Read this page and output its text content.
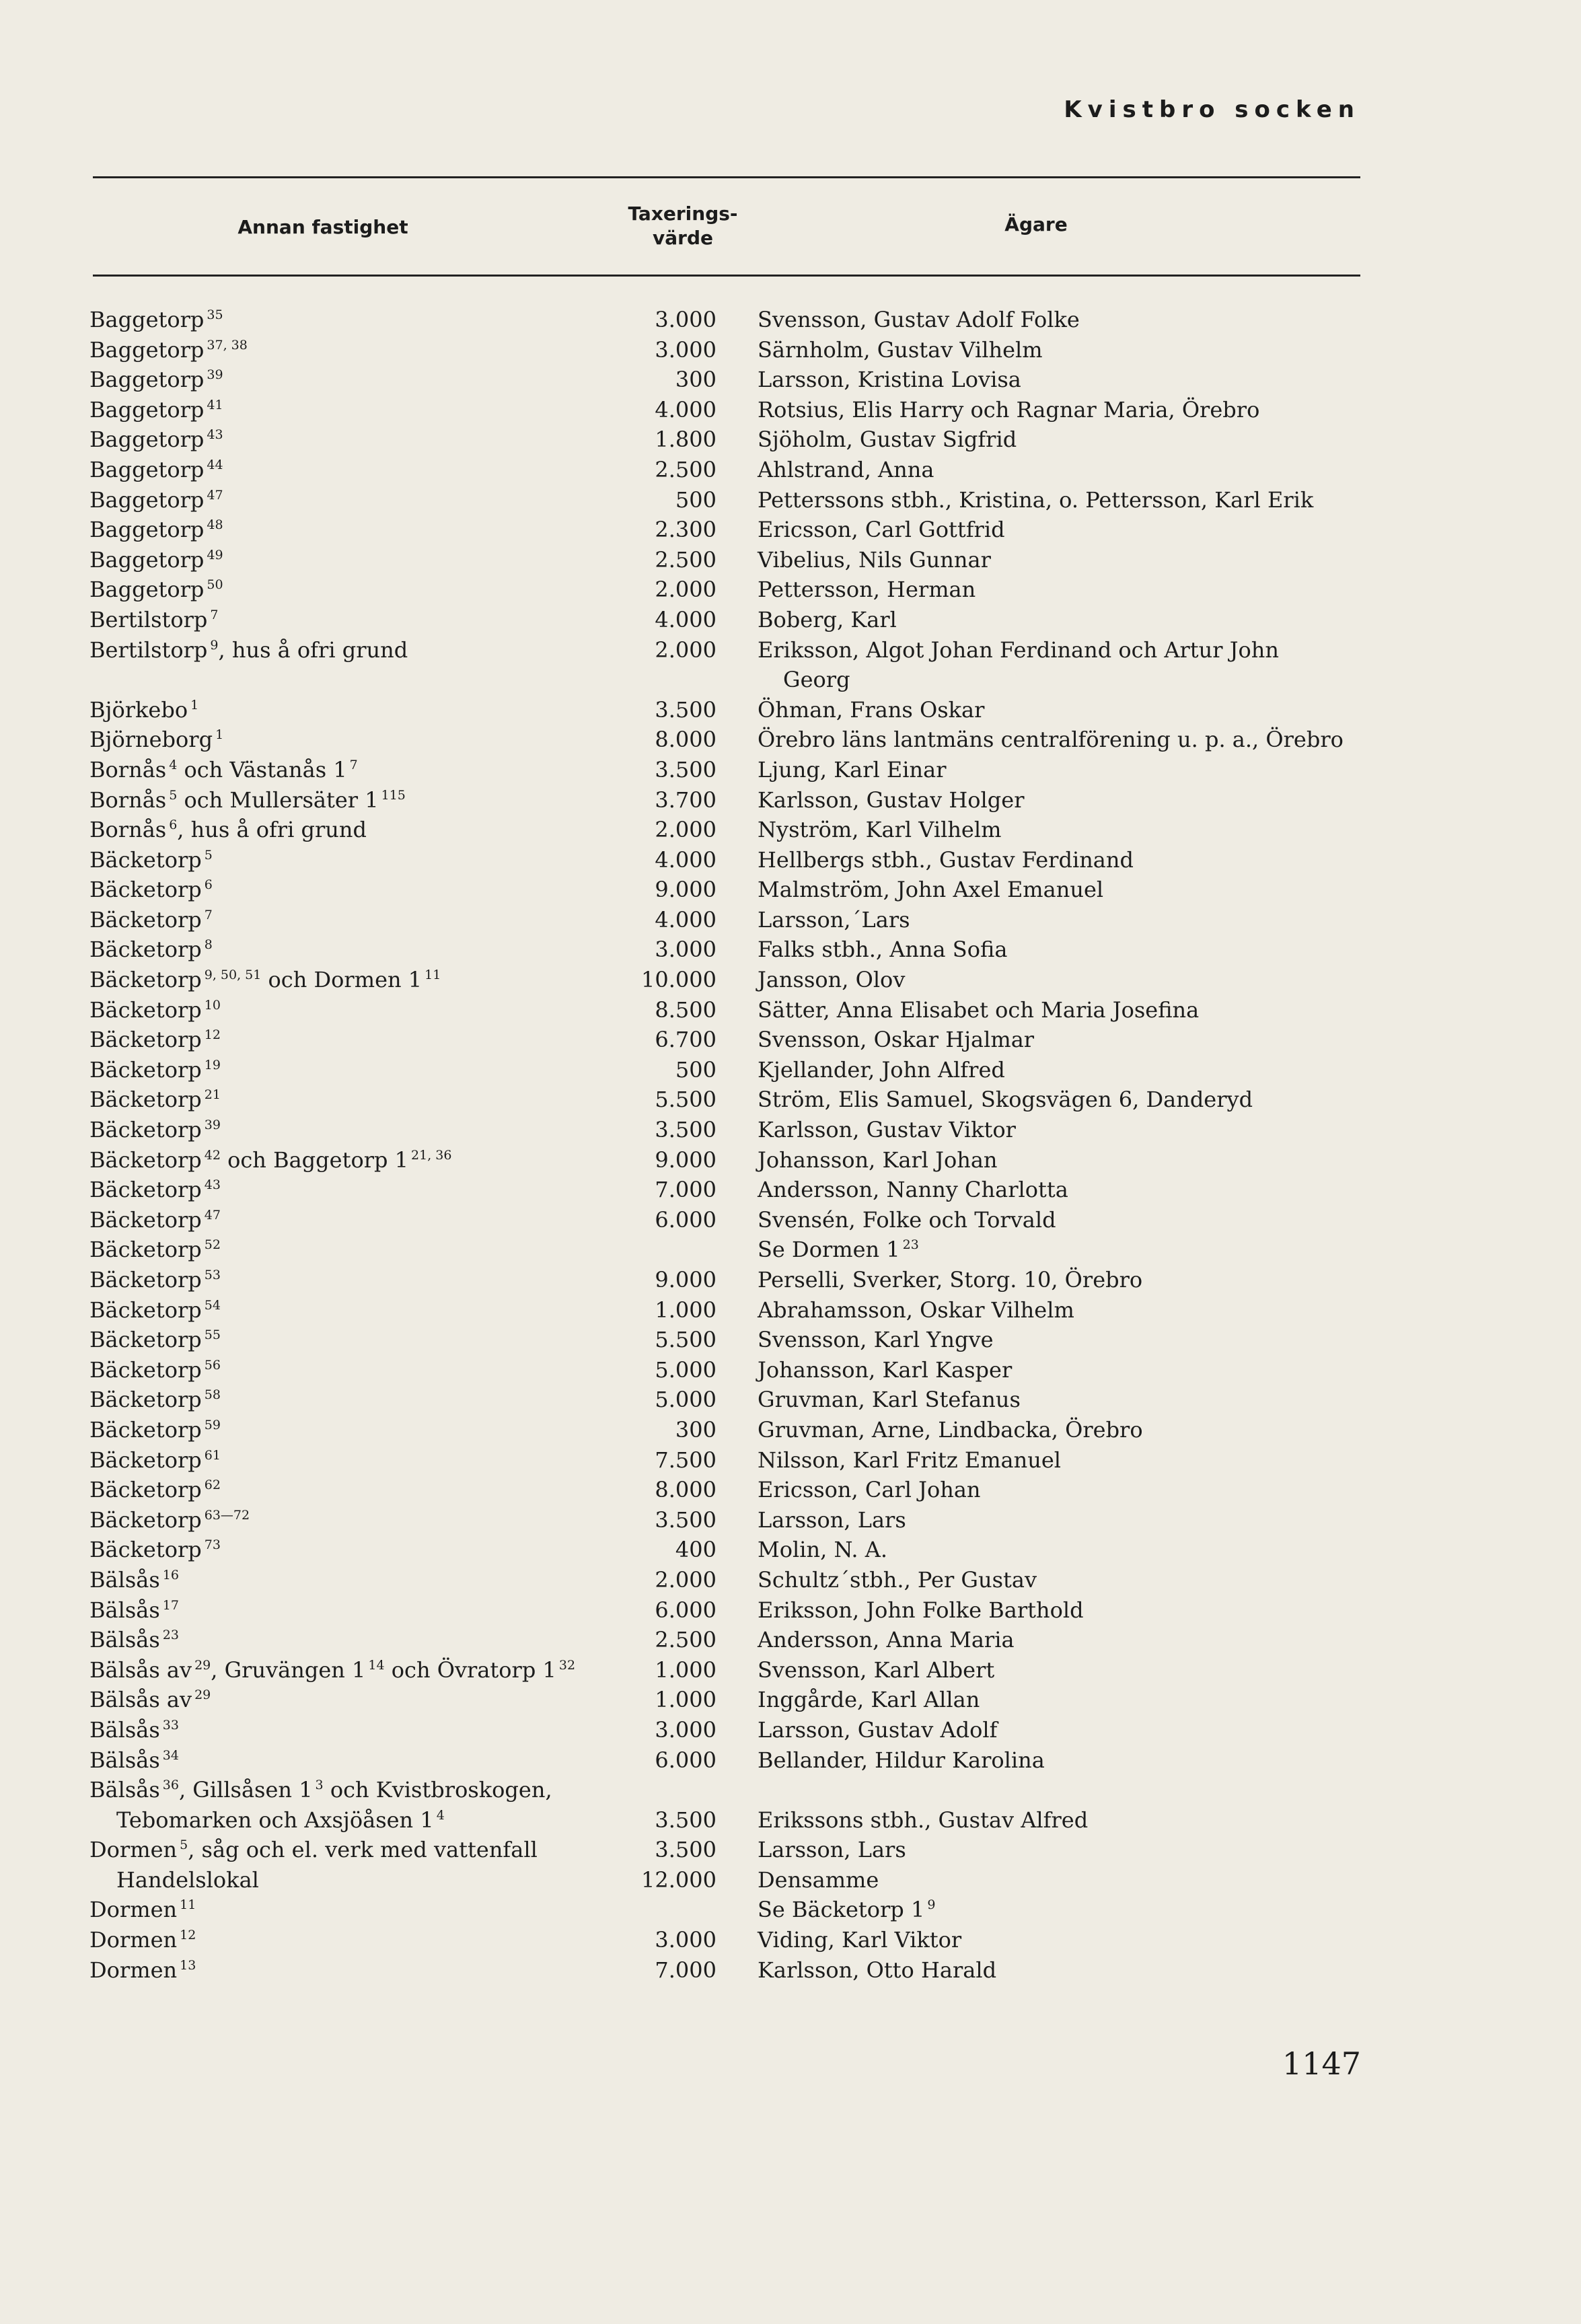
Kvistbro socken
Annan fastighet
Taxerings-
värde
Ägare
Baggetorp $^{35}$	3.000 Svensson, Gustav Adolf Folke
Baggetorp $^{37, 38}$	3.000 Särnholm, Gustav Vilhelm
Baggetorp $^{39}$	300 Larsson, Kristina Lovisa
Baggetorp $^{41}$	4.000 Rotsius, Elis Harry och Ragnar Maria, Örebro
Baggetorp $^{43}$	1.800 Sjöholm, Gustav Sigfrid
Baggetorp $^{44}$	2.500 Ahlstrand, Anna
Baggetorp $^{47}$	500 Petterssons stbh., Kristina, o. Pettersson, Karl Erik
Baggetorp $^{48}$	2.300 Ericsson, Carl Gottfrid
Baggetorp $^{49}$	2.500 Vibelius, Nils Gunnar
Baggetorp $^{50}$	2.000 Pettersson, Herman
Bertilstorp $^7$	4.000 Boberg, Karl
Bertilstorp $^9$, hus å ofri grund	2.000 Eriksson, Algot Johan Ferdinand och Artur John
Georg
Björkebo $^1$	3.500 Öhman, Frans Oskar
Björneborg $^1$	8.000 Örebro läns lantmäns centralförening u. p. a., Örebro
Bornås $^4$ och Västanås 1 $^7$	3.500 Ljung, Karl Einar
Bornås $^5$ och Mullersäter 1 $^{115}$	3.700 Karlsson, Gustav Holger
Bornås $^6$, hus å ofri grund	2.000 Nyström, Karl Vilhelm
Bäcketorp $^5$	4.000 Hellbergs stbh., Gustav Ferdinand
Bäcketorp $^6$	9.000 Malmström, John Axel Emanuel
Bäcketorp $^7$	4.000 Larsson,´Lars
Bäcketorp $^8$	3.000 Falks stbh., Anna Sofia
Bäcketorp $^{9, 50, 51}$ och Dormen 1 $^{11}$	10.000 Jansson, Olov
Bäcketorp $^{10}$	8.500 Sätter, Anna Elisabet och Maria Josefina
Bäcketorp $^{12}$	6.700 Svensson, Oskar Hjalmar
Bäcketorp $^{19}$	500 Kjellander, John Alfred
Bäcketorp $^{21}$	5.500 Ström, Elis Samuel, Skogsvägen 6, Danderyd
Bäcketorp $^{39}$	3.500 Karlsson, Gustav Viktor
Bäcketorp $^{42}$ och Baggetorp 1 $^{21, 36}$	9.000 Johansson, Karl Johan
Bäcketorp $^{43}$	7.000 Andersson, Nanny Charlotta
Bäcketorp $^{47}$	6.000 Svensén, Folke och Torvald
Bäcketorp $^{52}$	Se Dormen 1 $^{23}$
Bäcketorp $^{53}$	9.000 Perselli, Sverker, Storg. 10, Örebro
Bäcketorp $^{54}$	1.000 Abrahamsson, Oskar Vilhelm
Bäcketorp $^{55}$	5.500 Svensson, Karl Yngve
Bäcketorp $^{56}$	5.000 Johansson, Karl Kasper
Bäcketorp $^{58}$	5.000 Gruvman, Karl Stefanus
Bäcketorp $^{59}$	300 Gruvman, Arne, Lindbacka, Örebro
Bäcketorp $^{61}$	7.500 Nilsson, Karl Fritz Emanuel
Bäcketorp $^{62}$	8.000 Ericsson, Carl Johan
Bäcketorp $^{63—72}$	3.500 Larsson, Lars
Bäcketorp $^{73}$	400 Molin, N. A.
Bälsås $^{16}$	2.000 Schultz´stbh., Per Gustav
Bälsås $^{17}$	6.000 Eriksson, John Folke Barthold
Bälsås $^{23}$	2.500 Andersson, Anna Maria
Bälsås av $^{29}$, Gruvängen 1 $^{14}$ och Övratorp 1 $^{32}$	1.000 Svensson, Karl Albert
Bälsås av $^{29}$	1.000 Inggårde, Karl Allan
Bälsås $^{33}$	3.000 Larsson, Gustav Adolf
Bälsås $^{34}$	6.000 Bellander, Hildur Karolina
Bälsås $^{36}$, Gillsåsen 1 $^3$ och Kvistbroskogen,
Tebomarken och Axsjöåsen 1 $^4$	3.500 Erikssons stbh., Gustav Alfred
Dormen $^5$, såg och el. verk med vattenfall	3.500 Larsson, Lars
Handelslokal	12.000 Densamme
Dormen $^{11}$	Se Bäcketorp 1 $^9$
Dormen $^{12}$	3.000 Viding, Karl Viktor
Dormen $^{13}$	7.000 Karlsson, Otto Harald
1147
